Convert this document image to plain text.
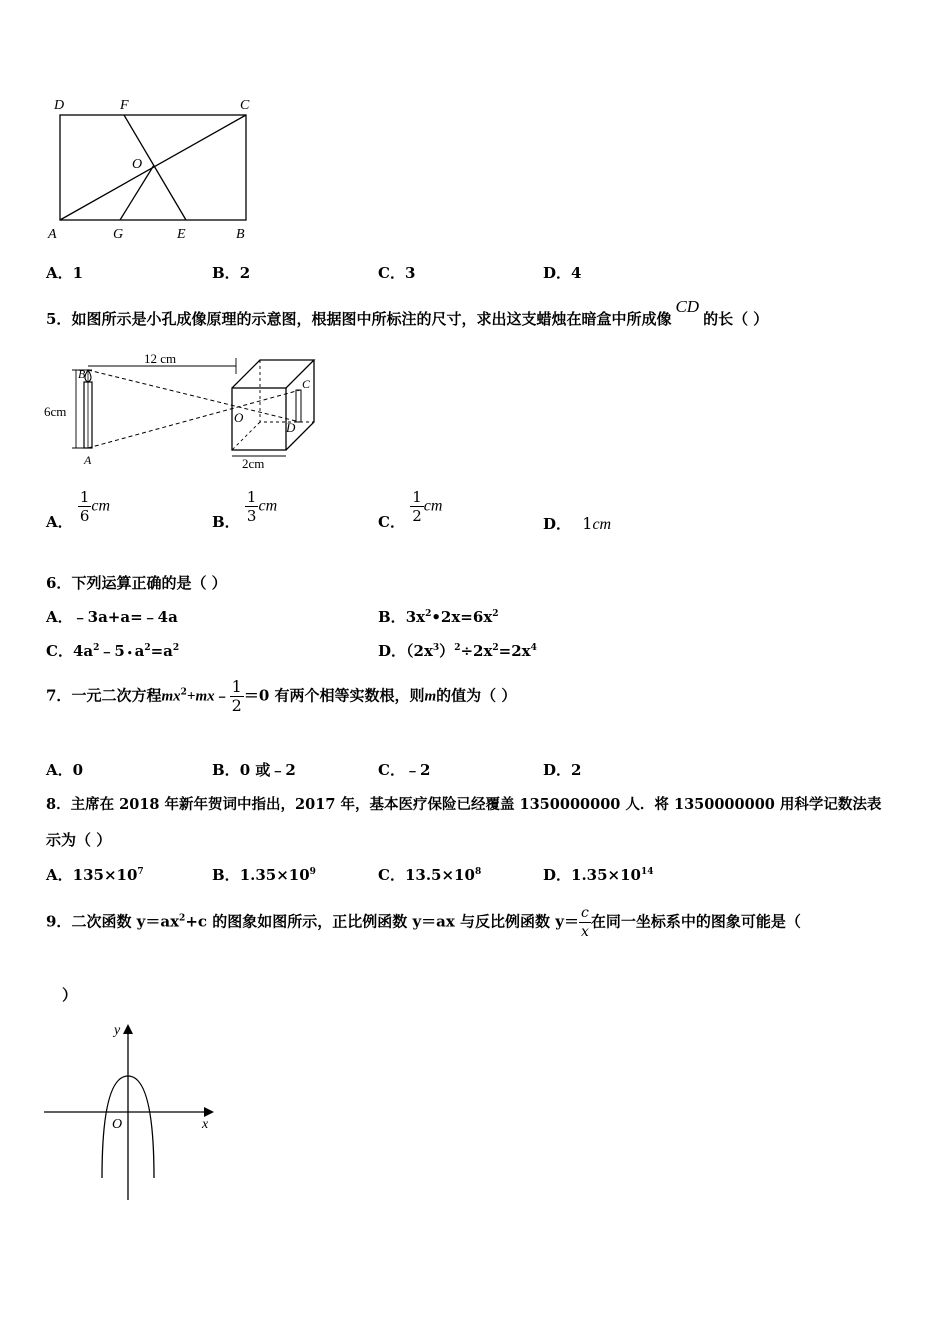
D	F	C
O
A	G	E	B
A．1	B．2	C．3	D．4
5．如图所示是小孔成像原理的示意图，根据图中所标注的尺寸，求出这支蜡烛在暗盒中所成像CD的长（ ）
6cm
12 cm
2cm
B
A
O
C
D
A． $\frac{1}{6}$ cm
B． $\frac{1}{3}$ cm
C． $\frac{1}{2}$ cm
D． 1cm
6．下列运算正确的是（ ）
A．﹣3a+a=﹣4a	B．$3x^2•2x=6x^2$
C．$4a^2﹣5$ • $a^2=a^2$	D．$(2x^3)^2\div 2x^2=2x^4$
7．一元二次方程$mx^2+mx﹣ \frac{1}{2} =0$ 有两个相等实数根，则m的值为（ ）
A．0	B．0 或﹣2	C．﹣2	D．2
8．主席在 2018 年新年贺词中指出，2017 年，基本医疗保险已经覆盖 1350000000 人．将 1350000000 用科学记数法表
示为（ ）
A．$135\times 10^7$	B．$1.35\times 10^9$	C．$13.5\times 10^8$	D．$1.35\times 10^{14}$
9．二次函数 $y=ax^2+c$ 的图象如图所示，正比例函数 y＝ax 与反比例函数 $y= \frac{c}{x}$ 在同一坐标系中的图象可能是（
）
y
x
O
